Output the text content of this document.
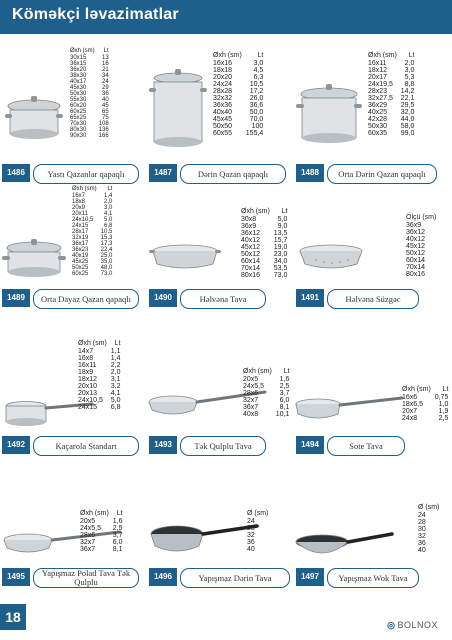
Köməkçi ləvazimatlar
Øxh (sm)	Lt
30x15	13
36x15	16
36x20	21
38x30	34
40x17	24
45x30	29
50x30	36
55x30	40
60x20	45
60x25	65
65x25	75
70x30	108
80x30	136
90x30	166
1486	Yastı Qazanlar qapaqlı
Øxh (sm)	Lt
16x16	3,0
18x18	4,5
20x20	6,3
24x24	10,5
28x28	17,2
32x32	26,0
36x36	36,6
40x40	50,0
45x45	70,0
50x50	100
60x55	155,4
1487	Dərin Qazan qapaqlı
Øxh (sm)	Lt
16x11	2,0
18x12	3,0
20x17	5,3
24x19,5	8,8
28x23	14,2
32x27,5	22,1
36x29	29,5
40x25	32,0
42x28	44,0
50x30	58,0
60x35	99,0
1488	Orta Dərin Qazan qapaqlı
Øxh (sm)	Lt
16x7	1,4
18x8	2,0
20x9	3,0
20x11	4,1
24x10,5	5,0
24x15	6,8
28x17	10,5
32x19	15,3
36x17	17,3
36x23	22,4
40x19	25,0
45x25	35,0
50x25	48,0
60x25	73,0
1489	Orta Dayaz Qazan qapaqlı
Øxh (sm)	Lt
30x8	5,0
36x9	9,0
36x12	13,5
40x12	15,7
45x12	19,0
50x12	23,0
60x14	34,0
70x14	53,5
80x16	73,0
1490	Həlvəna Tava
Ölçü (sm)	
36x9	
36x12	
40x12	
45x12	
50x12	
60x14	
70x14	
80x16	
1491	Həlvəna Süzgəc
Øxh (sm)	Lt
14x7	1,1
16x8	1,4
16x11	2,2
18x9	2,0
18x12	3,1
20x10	3,2
20x13	4,1
24x10,5	5,0
24x15	6,8
1492	Kaçarola Standart
Øxh (sm)	Lt
20x5	1,6
24x5,5	2,5
28x6	3,7
32x7	6,0
36x7	8,1
40x8	10,1
1493	Tək Qulplu Tava
Øxh (sm)	Lt
16x6	0,75
18x6,5	1,0
20x7	1,9
24x8	2,5
1494	Sote Tava
Øxh (sm)	Lt
20x5	1,6
24x5,5	2,5
28x6	3,7
32x7	6,0
36x7	8,1
1495	Yapışmaz Polad Tava Tək Qulplu
Ø (sm)	
24	
28	
32	
36	
40	
1496	Yapışmaz Dərin Tava
Ø (sm)	
24	
28	
30	
32	
36	
40	
1497	Yapışmaz Wok Tava
18	◎ BOLNOX
